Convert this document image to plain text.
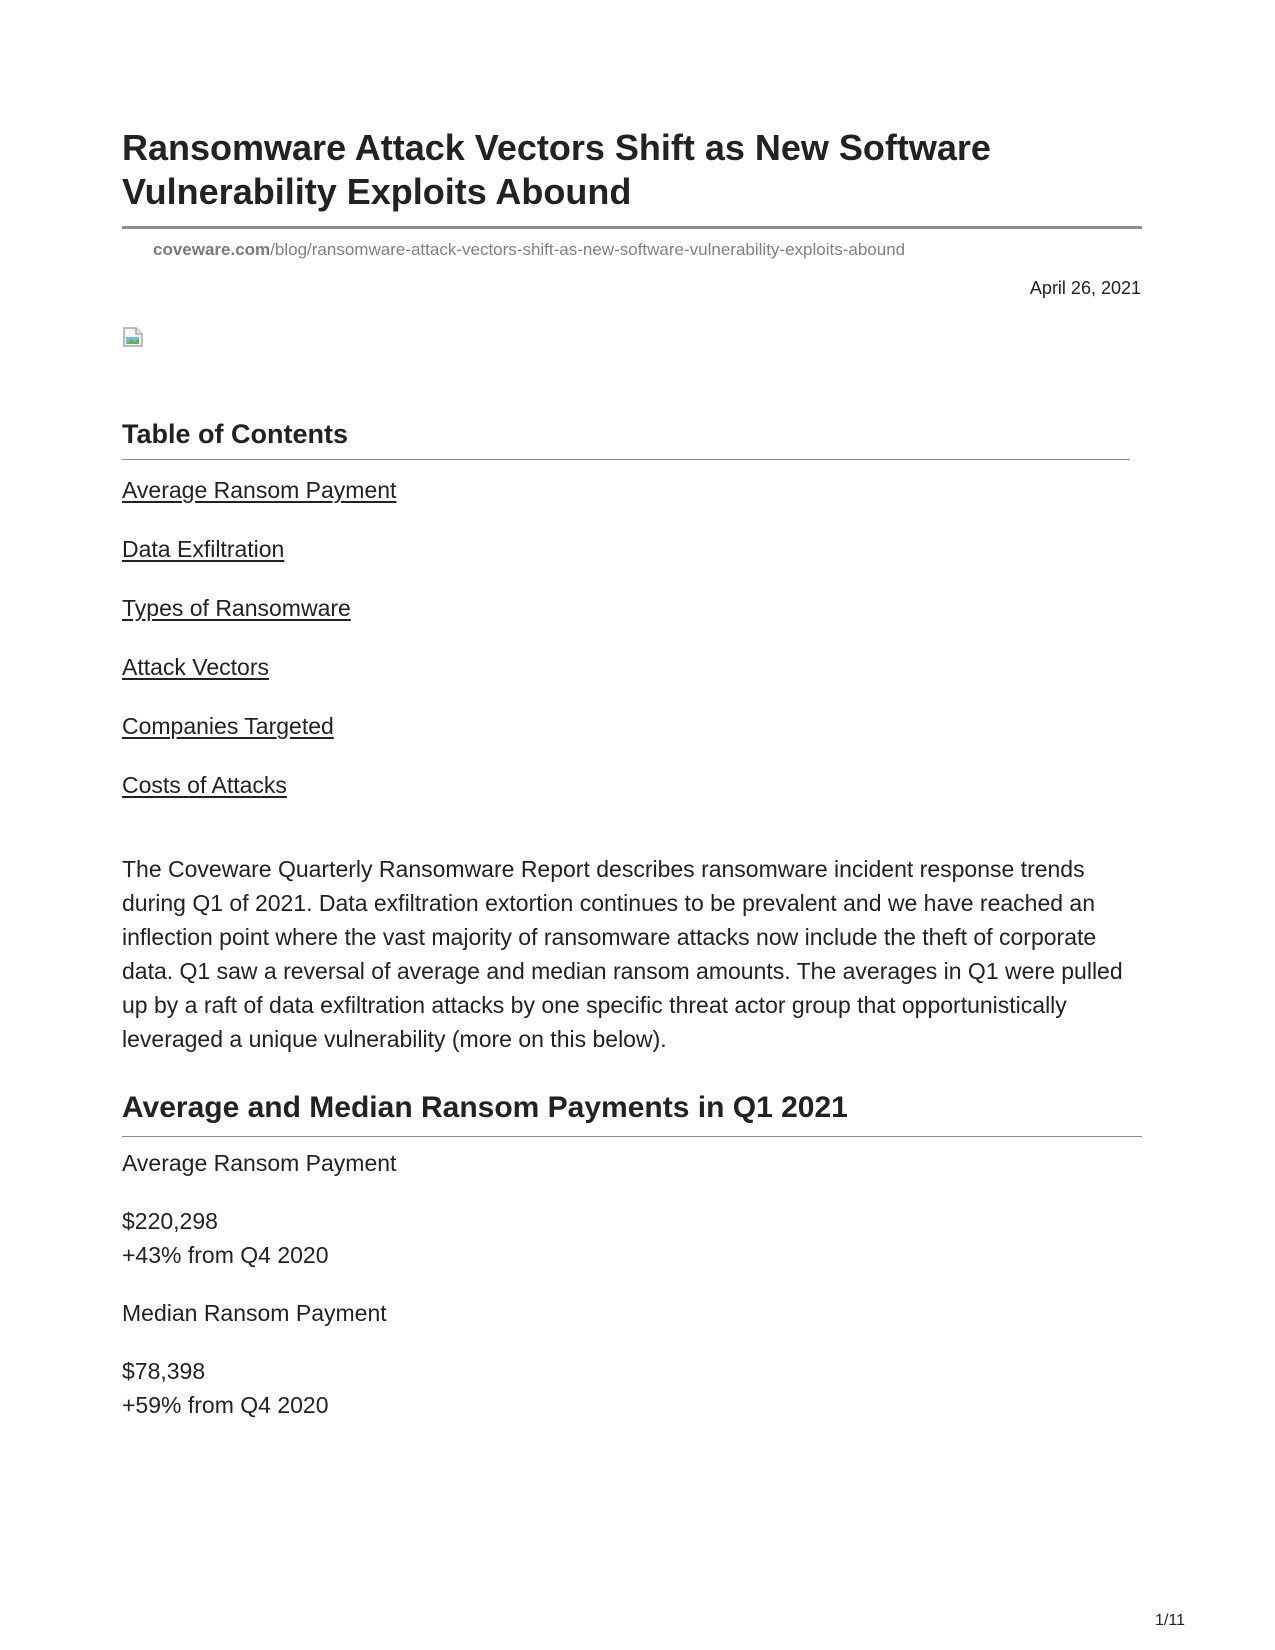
Ransomware Attack Vectors Shift as New Software Vulnerability Exploits Abound
coveware.com/blog/ransomware-attack-vectors-shift-as-new-software-vulnerability-exploits-abound
April 26, 2021
Table of Contents
Average Ransom Payment
Data Exfiltration
Types of Ransomware
Attack Vectors
Companies Targeted
Costs of Attacks

The Coveware Quarterly Ransomware Report describes ransomware incident response trends during Q1 of 2021. Data exfiltration extortion continues to be prevalent and we have reached an inflection point where the vast majority of ransomware attacks now include the theft of corporate data. Q1 saw a reversal of average and median ransom amounts. The averages in Q1 were pulled up by a raft of data exfiltration attacks by one specific threat actor group that opportunistically leveraged a unique vulnerability (more on this below).

Average and Median Ransom Payments in Q1 2021

Average Ransom Payment

$220,298

+43% from Q4 2020

Median Ransom Payment

$78,398

+59% from Q4 2020

1/11
